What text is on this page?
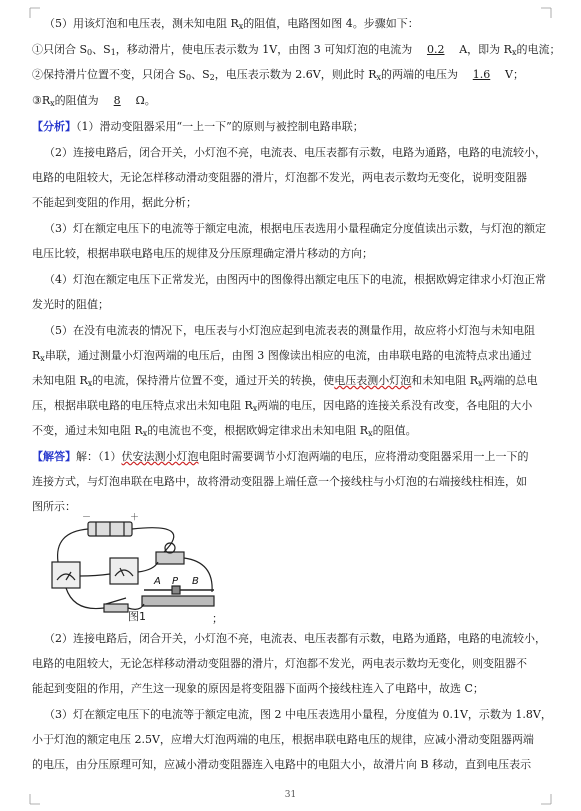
（5）用该灯泡和电压表，测未知电阻 $R_x$的阻值，电路图如图 4。步骤如下：
①只闭合 $S_0$、$S_1$，移动滑片，使电压表示数为 1V，由图 3 可知灯泡的电流为 0.2 A，即为 $R_x$的电流；
②保持滑片位置不变，只闭合 $S_0$、$S_2$，电压表示数为 2.6V，则此时 $R_x$的两端的电压为 1.6 V；
$③R_x$的阻值为 8 Ω。
【分析】（1）滑动变阻器采用“一上一下”的原则与被控制电路串联；
（2）连接电路后，闭合开关，小灯泡不亮，电流表、电压表都有示数，电路为通路，电路的电流较小，
电路的电阻较大，无论怎样移动滑动变阻器的滑片，灯泡都不发光，两电表示数均无变化，说明变阻器
不能起到变阻的作用，据此分析；
（3）灯在额定电压下的电流等于额定电流，根据电压表选用小量程确定分度值读出示数，与灯泡的额定
电压比较，根据串联电路电压的规律及分压原理确定滑片移动的方向；
（4）灯泡在额定电压下正常发光，由图丙中的图像得出额定电压下的电流，根据欧姆定律求小灯泡正常
发光时的阻值；
（5）在没有电流表的情况下，电压表与小灯泡应起到电流表表的测量作用，故应将小灯泡与未知电阻
$R_x$串联，通过测量小灯泡两端的电压后，由图 3 图像读出相应的电流，由串联电路的电流特点求出通过
未知电阻 $R_x$的电流，保持滑片位置不变，通过开关的转换，使电压表测小灯泡和未知电阻 $R_x$两端的总电
压，根据串联电路的电压特点求出未知电阻 $R_x$两端的电压，因电路的连接关系没有改变，各电阻的大小
不变，通过未知电阻 $R_x$的电流也不变，根据欧姆定律求出未知电阻 $R_x$的阻值。
【解答】解：（1）伏安法测小灯泡电阻时需要调节小灯泡两端的电压，应将滑动变阻器采用一上一下的
连接方式，与灯泡串联在电路中，故将滑动变阻器上端任意一个接线柱与小灯泡的右端接线柱相连，如
图所示：
－	＋
A P B
图1	；
（2）连接电路后，闭合开关，小灯泡不亮，电流表、电压表都有示数，电路为通路，电路的电流较小，
电路的电阻较大，无论怎样移动滑动变阻器的滑片，灯泡都不发光，两电表示数均无变化，则变阻器不
能起到变阻的作用，产生这一现象的原因是将变阻器下面两个接线柱连入了电路中，故选 C；
（3）灯在额定电压下的电流等于额定电流，图 2 中电压表选用小量程，分度值为 0.1V，示数为 1.8V，
小于灯泡的额定电压 2.5V，应增大灯泡两端的电压，根据串联电路电压的规律，应减小滑动变阻器两端
的电压，由分压原理可知，应减小滑动变阻器连入电路中的电阻大小，故滑片向 B 移动，直到电压表示
31
